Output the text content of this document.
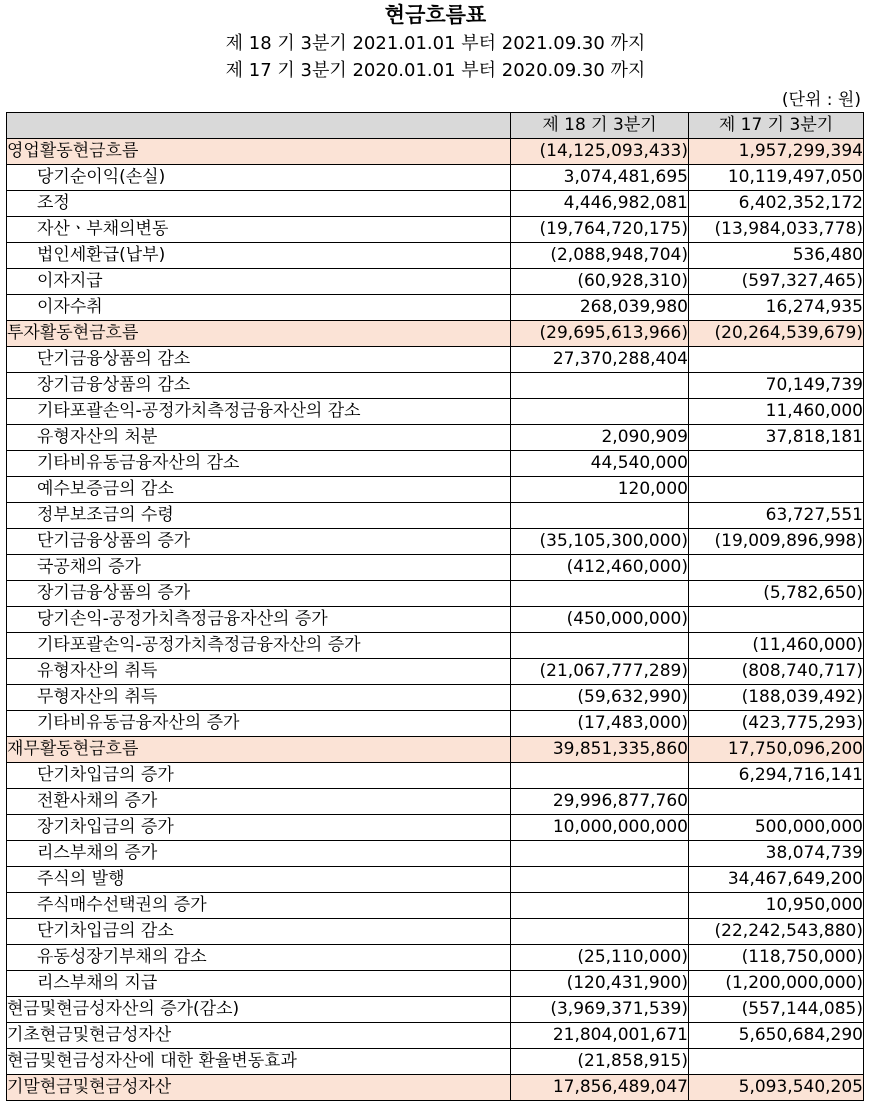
현금흐름표
제 18 기 3분기 2021.01.01 부터 2021.09.30 까지
제 17 기 3분기 2020.01.01 부터 2020.09.30 까지
(단위 : 원)
	제 18 기 3분기	제 17 기 3분기
영업활동현금흐름	(14,125,093,433)	1,957,299,394
당기순이익(손실)	3,074,481,695	10,119,497,050
조정	4,446,982,081	6,402,352,172
자산ㆍ부채의변동	(19,764,720,175)	(13,984,033,778)
법인세환급(납부)	(2,088,948,704)	536,480
이자지급	(60,928,310)	(597,327,465)
이자수취	268,039,980	16,274,935
투자활동현금흐름	(29,695,613,966)	(20,264,539,679)
단기금융상품의 감소	27,370,288,404	
장기금융상품의 감소		70,149,739
기타포괄손익-공정가치측정금융자산의 감소		11,460,000
유형자산의 처분	2,090,909	37,818,181
기타비유동금융자산의 감소	44,540,000	
예수보증금의 감소	120,000	
정부보조금의 수령		63,727,551
단기금융상품의 증가	(35,105,300,000)	(19,009,896,998)
국공채의 증가	(412,460,000)	
장기금융상품의 증가		(5,782,650)
당기손익-공정가치측정금융자산의 증가	(450,000,000)	
기타포괄손익-공정가치측정금융자산의 증가		(11,460,000)
유형자산의 취득	(21,067,777,289)	(808,740,717)
무형자산의 취득	(59,632,990)	(188,039,492)
기타비유동금융자산의 증가	(17,483,000)	(423,775,293)
재무활동현금흐름	39,851,335,860	17,750,096,200
단기차입금의 증가		6,294,716,141
전환사채의 증가	29,996,877,760	
장기차입금의 증가	10,000,000,000	500,000,000
리스부채의 증가		38,074,739
주식의 발행		34,467,649,200
주식매수선택권의 증가		10,950,000
단기차입금의 감소		(22,242,543,880)
유동성장기부채의 감소	(25,110,000)	(118,750,000)
리스부채의 지급	(120,431,900)	(1,200,000,000)
현금및현금성자산의 증가(감소)	(3,969,371,539)	(557,144,085)
기초현금및현금성자산	21,804,001,671	5,650,684,290
현금및현금성자산에 대한 환율변동효과	(21,858,915)	
기말현금및현금성자산	17,856,489,047	5,093,540,205
